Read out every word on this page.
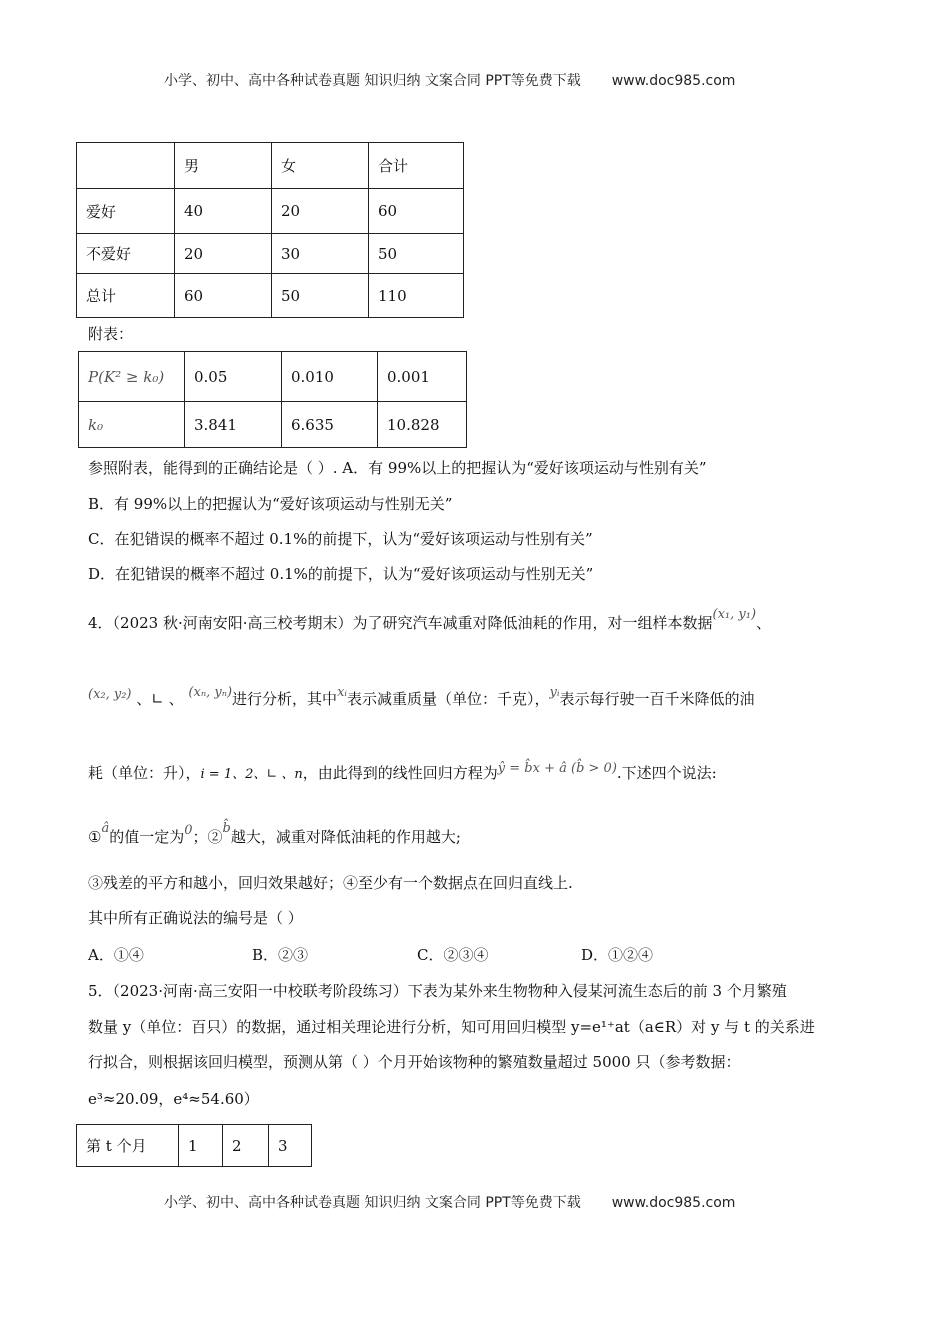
小学、初中、高中各种试卷真题 知识归纳 文案合同 PPT等免费下载 www.doc985.com
	男	女	合计
爱好	40	20	60
不爱好	20	30	50
总计	60	50	110
附表：
P(K² ≥ k₀)	0.05	0.010	0.001
k₀	3.841	6.635	10.828
参照附表，能得到的正确结论是（ ）. A．有 99%以上的把握认为“爱好该项运动与性别有关”
B．有 99%以上的把握认为“爱好该项运动与性别无关”
C．在犯错误的概率不超过 0.1%的前提下，认为“爱好该项运动与性别有关”
D．在犯错误的概率不超过 0.1%的前提下，认为“爱好该项运动与性别无关”
4．（2023 秋·河南安阳·高三校考期末）为了研究汽车减重对降低油耗的作用，对一组样本数据(x₁, y₁)、
(x₂, y₂) 、∟ 、 (xₙ, yₙ)进行分析，其中xᵢ表示减重质量（单位：千克），yᵢ表示每行驶一百千米降低的油
耗（单位：升），i = 1、2、∟ 、n，由此得到的线性回归方程为ŷ = b̂x + â (b̂ > 0).下述四个说法:
①â的值一定为0；②b̂越大，减重对降低油耗的作用越大;
③残差的平方和越小，回归效果越好；④至少有一个数据点在回归直线上.
其中所有正确说法的编号是（ ）
A．①④	B．②③	C．②③④	D．①②④
5．（2023·河南·高三安阳一中校联考阶段练习）下表为某外来生物物种入侵某河流生态后的前 3 个月繁殖
数量 y（单位：百只）的数据，通过相关理论进行分析，知可用回归模型 y=e¹⁺at（a∈R）对 y 与 t 的关系进
行拟合，则根据该回归模型，预测从第（ ）个月开始该物种的繁殖数量超过 5000 只（参考数据：
e³≈20.09，e⁴≈54.60）
第 t 个月	1	2	3
小学、初中、高中各种试卷真题 知识归纳 文案合同 PPT等免费下载 www.doc985.com
